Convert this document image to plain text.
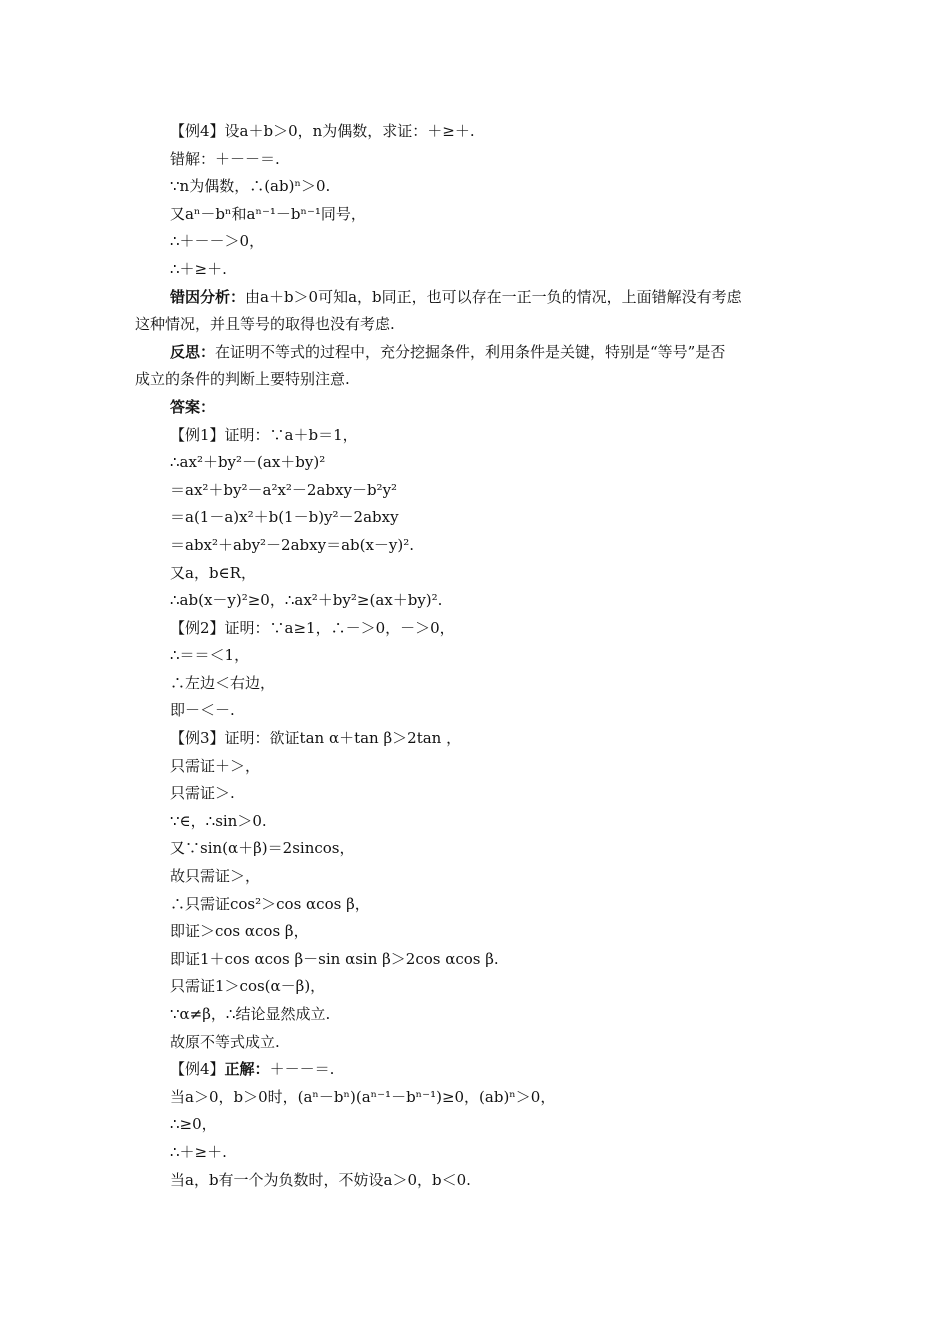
【例4】设a＋b＞0，n为偶数，求证：＋≥＋.
错解：＋－－＝.
∵n为偶数，∴(ab)ⁿ＞0.
又aⁿ－bⁿ和aⁿ⁻¹－bⁿ⁻¹同号，
∴＋－－＞0，
∴＋≥＋.
错因分析：由a＋b＞0可知a，b同正，也可以存在一正一负的情况，上面错解没有考虑
这种情况，并且等号的取得也没有考虑.
反思：在证明不等式的过程中，充分挖掘条件，利用条件是关键，特别是“等号”是否
成立的条件的判断上要特别注意.
答案：
【例1】证明：∵a＋b＝1，
∴ax²＋by²－(ax＋by)²
＝ax²＋by²－a²x²－2abxy－b²y²
＝a(1－a)x²＋b(1－b)y²－2abxy
＝abx²＋aby²－2abxy＝ab(x－y)².
又a，b∈R，
∴ab(x－y)²≥0，∴ax²＋by²≥(ax＋by)².
【例2】证明：∵a≥1，∴－＞0，－＞0，
∴＝＝＜1，
∴左边＜右边，
即－＜－.
【例3】证明：欲证tan α＋tan β＞2tan ，
只需证＋＞，
只需证＞.
∵∈，∴sin＞0.
又∵sin(α＋β)＝2sincos，
故只需证＞，
∴只需证cos²＞cos αcos β，
即证＞cos αcos β，
即证1＋cos αcos β－sin αsin β＞2cos αcos β.
只需证1＞cos(α－β)，
∵α≠β，∴结论显然成立.
故原不等式成立.
【例4】正解：＋－－＝.
当a＞0，b＞0时，(aⁿ－bⁿ)(aⁿ⁻¹－bⁿ⁻¹)≥0，(ab)ⁿ＞0，
∴≥0，
∴＋≥＋.
当a，b有一个为负数时，不妨设a＞0，b＜0.
